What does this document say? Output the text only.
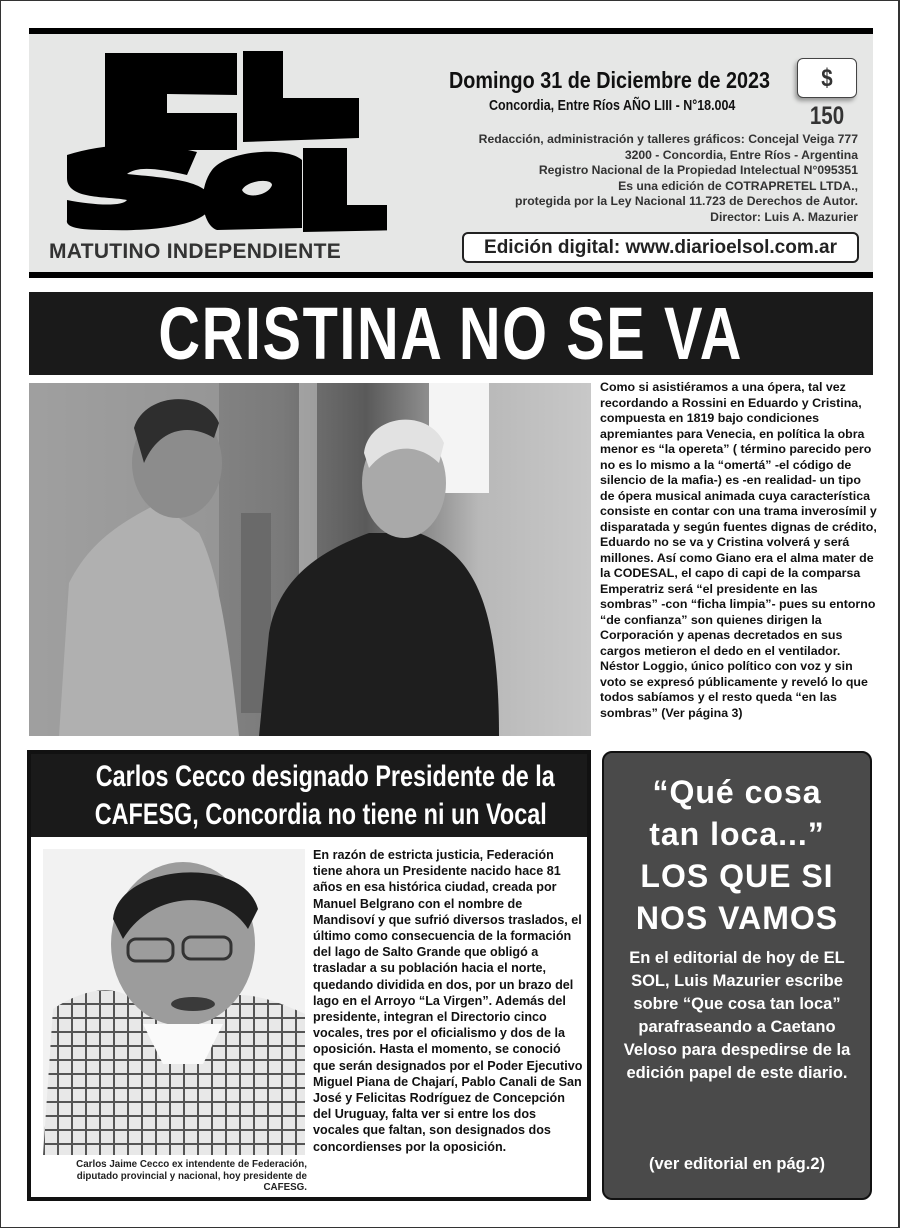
MATUTINO INDEPENDIENTE
Domingo 31 de Diciembre de 2023
Concordia, Entre Ríos AÑO LIII - N°18.004
$ 150
Redacción, administración y talleres gráficos: Concejal Veiga 777
3200 - Concordia, Entre Ríos - Argentina
Registro Nacional de la Propiedad Intelectual N°095351
Es una edición de COTRAPRETEL LTDA.,
protegida por la Ley Nacional 11.723 de Derechos de Autor.
Director: Luis A. Mazurier
Edición digital: www.diarioelsol.com.ar
CRISTINA NO SE VA
Como si asistiéramos a una ópera, tal vez recordando a Rossini en Eduardo y Cristina, compuesta en 1819 bajo condiciones apremiantes para Venecia, en política la obra menor es “la opereta” ( término parecido pero no es lo mismo a la “omertá” -el código de silencio de la mafia-) es -en realidad- un tipo de ópera musical animada cuya característica consiste en contar con una trama inverosímil y disparatada y según fuentes dignas de crédito, Eduardo no se va y Cristina volverá y será millones. Así como Giano era el alma mater de la CODESAL, el capo di capi de la comparsa Emperatriz será “el presidente en las sombras” -con “ficha limpia”- pues su entorno “de confianza” son quienes dirigen la Corporación y apenas decretados en sus cargos metieron el dedo en el ventilador. Néstor Loggio, único político con voz y sin voto se expresó públicamente y reveló lo que todos sabíamos y el resto queda “en las sombras” (Ver página 3)
Carlos Cecco designado Presidente de la
CAFESG, Concordia no tiene ni un Vocal

Carlos Jaime Cecco ex intendente de Federación, diputado provincial y nacional, hoy presidente de CAFESG.

En razón de estricta justicia, Federación tiene ahora un Presidente nacido hace 81 años en esa histórica ciudad, creada por Manuel Belgrano con el nombre de Mandisoví y que sufrió diversos traslados, el último como consecuencia de la formación del lago de Salto Grande que obligó a trasladar a su población hacia el norte, quedando dividida en dos, por un brazo del lago en el Arroyo “La Virgen”. Además del presidente, integran el Directorio cinco vocales, tres por el oficialismo y dos de la oposición. Hasta el momento, se conoció que serán designados por el Poder Ejecutivo Miguel Piana de Chajarí, Pablo Canali de San José y Felicitas Rodríguez de Concepción del Uruguay, falta ver si entre los dos vocales que faltan, son designados dos concordienses por la oposición.
“Qué cosa
tan loca...”
LOS QUE SI
NOS VAMOS

En el editorial de hoy de EL SOL, Luis Mazurier escribe sobre “Que cosa tan loca” parafraseando a Caetano Veloso para despedirse de la edición papel de este diario.

(ver editorial en pág.2)
